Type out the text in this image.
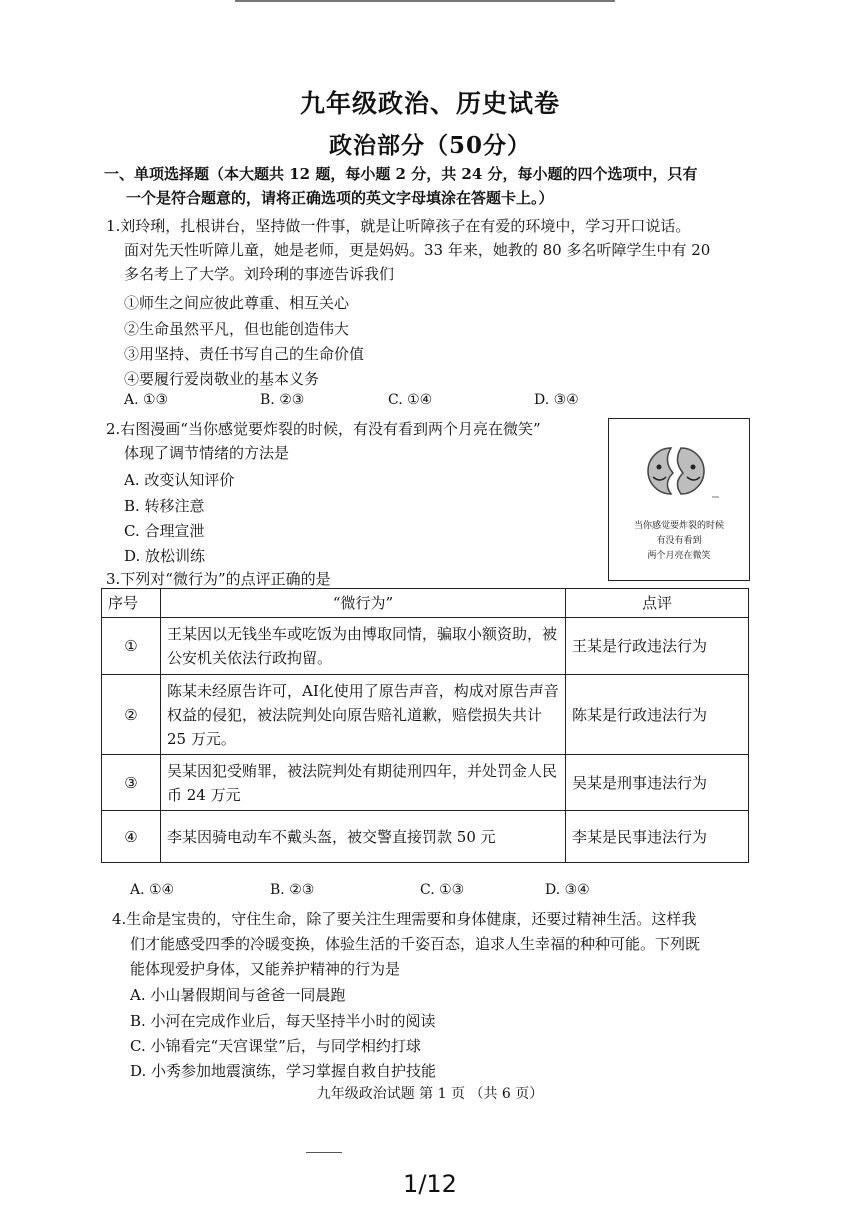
九年级政治、历史试卷
政治部分（50分）
一、单项选择题（本大题共 12 题，每小题 2 分，共 24 分，每小题的四个选项中，只有
一个是符合题意的，请将正确选项的英文字母填涂在答题卡上。）
1.刘玲琍，扎根讲台，坚持做一件事，就是让听障孩子在有爱的环境中，学习开口说话。
面对先天性听障儿童，她是老师，更是妈妈。33 年来，她教的 80 多名听障学生中有 20
多名考上了大学。刘玲琍的事迹告诉我们
①师生之间应彼此尊重、相互关心
②生命虽然平凡，但也能创造伟大
③用坚持、责任书写自己的生命价值
④要履行爱岗敬业的基本义务
A. ①③	B. ②③	C. ①④	D. ③④
2.右图漫画“当你感觉要炸裂的时候，有没有看到两个月亮在微笑”
体现了调节情绪的方法是
A. 改变认知评价
B. 转移注意
C. 合理宣泄
D. 放松训练
当你感觉要炸裂的时候
有没有看到
两个月亮在微笑
3.下列对“微行为”的点评正确的是
序号	“微行为”	点评
①	王某因以无钱坐车或吃饭为由博取同情，骗取小额资助，被公安机关依法行政拘留。	王某是行政违法行为
②	陈某未经原告许可，AI化使用了原告声音，构成对原告声音权益的侵犯，被法院判处向原告赔礼道歉，赔偿损失共计 25 万元。	陈某是行政违法行为
③	吴某因犯受贿罪，被法院判处有期徒刑四年，并处罚金人民币 24 万元	吴某是刑事违法行为
④	李某因骑电动车不戴头盔，被交警直接罚款 50 元	李某是民事违法行为
A. ①④	B. ②③	C. ①③	D. ③④
4.生命是宝贵的，守住生命，除了要关注生理需要和身体健康，还要过精神生活。这样我
们才能感受四季的冷暖变换，体验生活的千姿百态，追求人生幸福的种种可能。下列既
能体现爱护身体，又能养护精神的行为是
A. 小山暑假期间与爸爸一同晨跑
B. 小河在完成作业后，每天坚持半小时的阅读
C. 小锦看完“天宫课堂”后，与同学相约打球
D. 小秀参加地震演练，学习掌握自救自护技能
九年级政治试题 第 1 页 （共 6 页）
1/12
